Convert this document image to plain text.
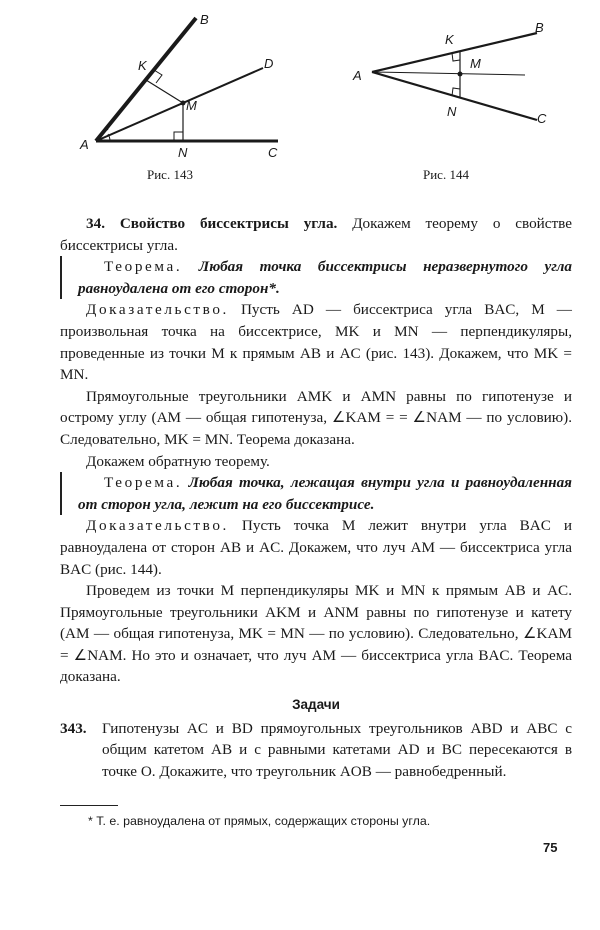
A
B
K	D
M
N	C
Рис. 143
A
K
B
M
N	C
Рис. 144

34. Свойство биссектрисы угла. Докажем теорему о свойстве биссектрисы угла.

Теорема. Любая точка биссектрисы неразвернутого угла равноудалена от его сторон*.

Доказательство. Пусть AD — биссектриса угла BAC, M — произвольная точка на биссектрисе, MK и MN — перпендикуляры, проведенные из точки M к прямым AB и AC (рис. 143). Докажем, что MK = MN.

Прямоугольные треугольники AMK и AMN равны по гипотенузе и острому углу (AM — общая гипотенуза, ∠KAM = = ∠NAM — по условию). Следовательно, MK = MN. Теорема доказана.

Докажем обратную теорему.

Теорема. Любая точка, лежащая внутри угла и равноудаленная от сторон угла, лежит на его биссектрисе.

Доказательство. Пусть точка M лежит внутри угла BAC и равноудалена от сторон AB и AC. Докажем, что луч AM — биссектриса угла BAC (рис. 144).

Проведем из точки M перпендикуляры MK и MN к прямым AB и AC. Прямоугольные треугольники AKM и ANM равны по гипотенузе и катету (AM — общая гипотенуза, MK = MN — по условию). Следовательно, ∠KAM = ∠NAM. Но это и означает, что луч AM — биссектриса угла BAC. Теорема доказана.

Задачи

343. Гипотенузы AC и BD прямоугольных треугольников ABD и ABC с общим катетом AB и с равными катетами AD и BC пересекаются в точке O. Докажите, что треугольник AOB — равнобедренный.

* Т. е. равноудалена от прямых, содержащих стороны угла.
75
